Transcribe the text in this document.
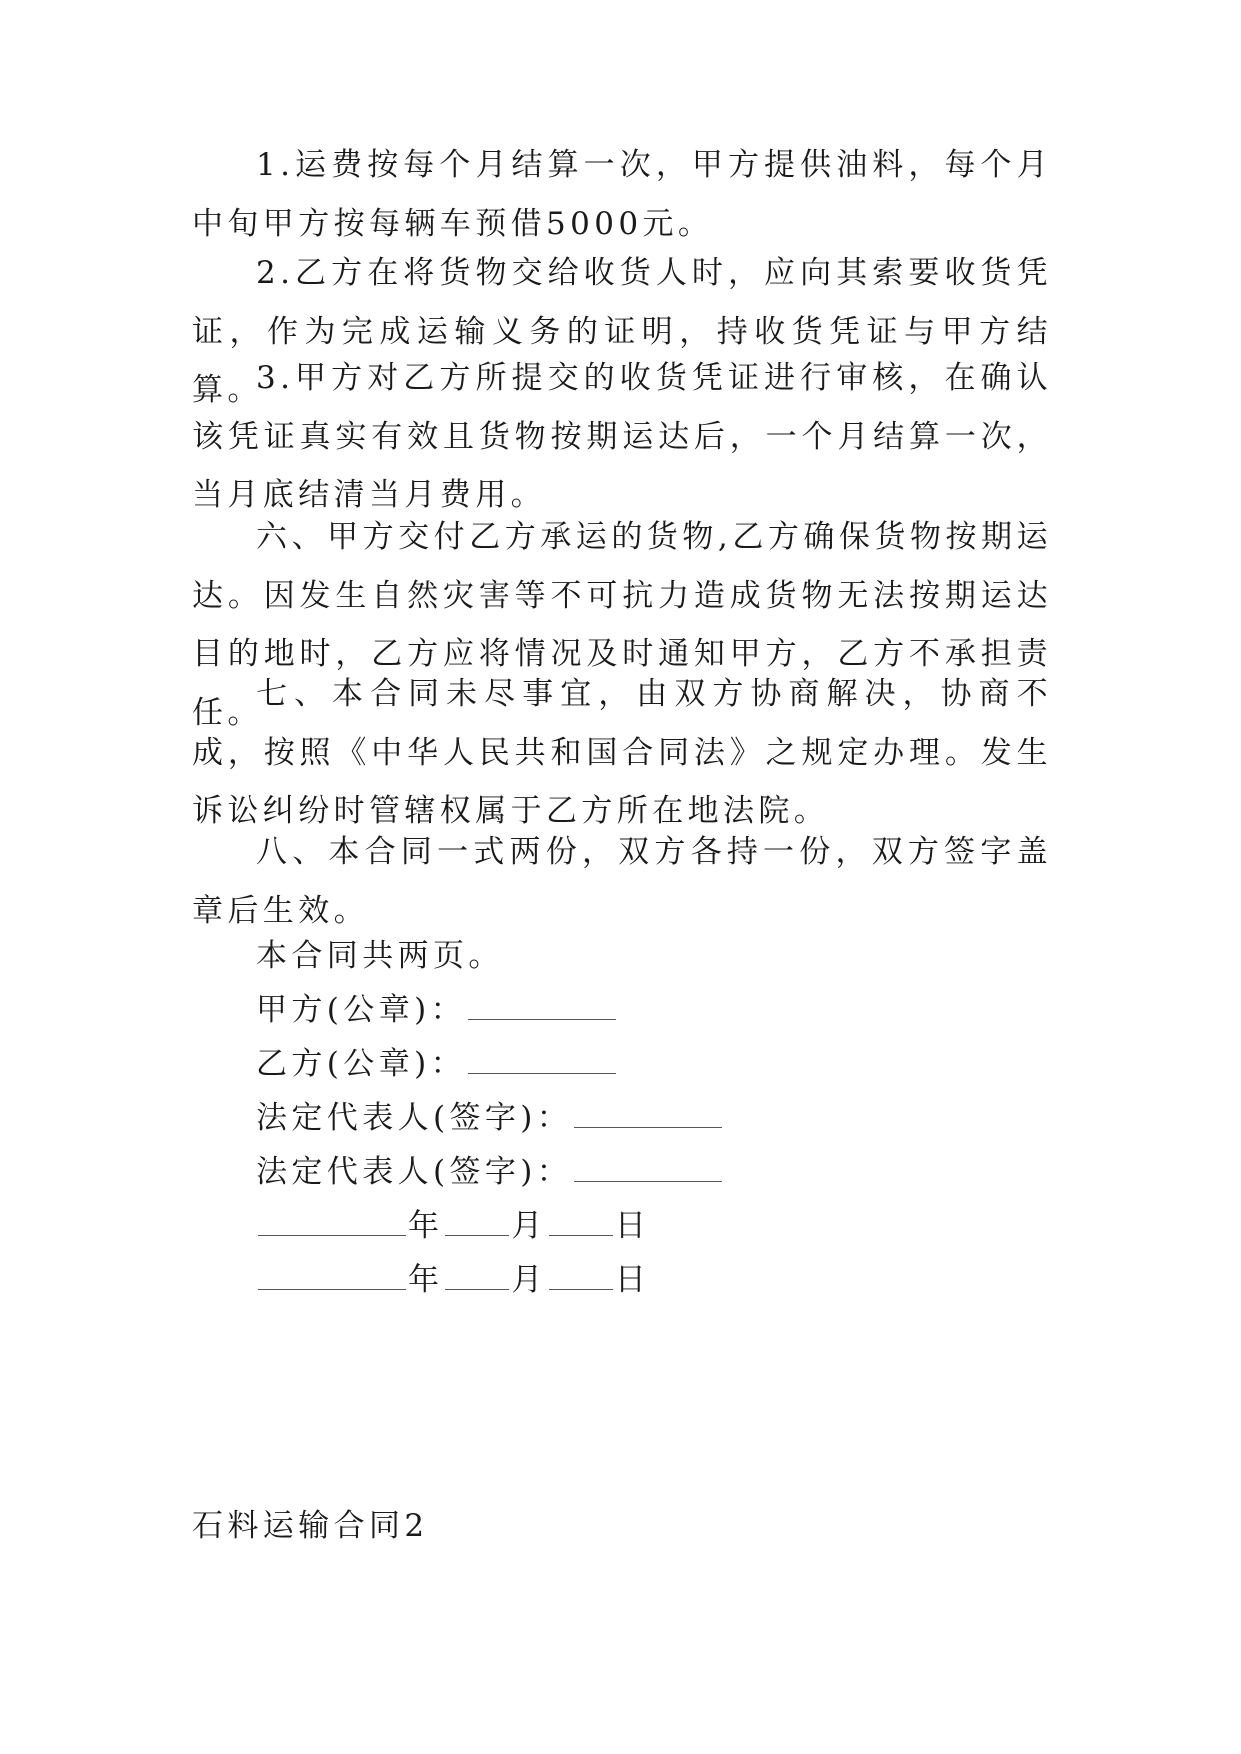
1.运费按每个月结算一次，甲方提供油料，每个月中旬甲方按每辆车预借5000元。

2.乙方在将货物交给收货人时，应向其索要收货凭证，作为完成运输义务的证明，持收货凭证与甲方结算。

3.甲方对乙方所提交的收货凭证进行审核，在确认该凭证真实有效且货物按期运达后，一个月结算一次，当月底结清当月费用。

六、甲方交付乙方承运的货物,乙方确保货物按期运达。因发生自然灾害等不可抗力造成货物无法按期运达目的地时，乙方应将情况及时通知甲方，乙方不承担责任。

七、本合同未尽事宜，由双方协商解决，协商不成，按照《中华人民共和国合同法》之规定办理。发生诉讼纠纷时管辖权属于乙方所在地法院。

八、本合同一式两份，双方各持一份，双方签字盖章后生效。

本合同共两页。

甲方(公章)：

乙方(公章)：

法定代表人(签字)：

法定代表人(签字)：

年 月 日

年 月 日

石料运输合同2
